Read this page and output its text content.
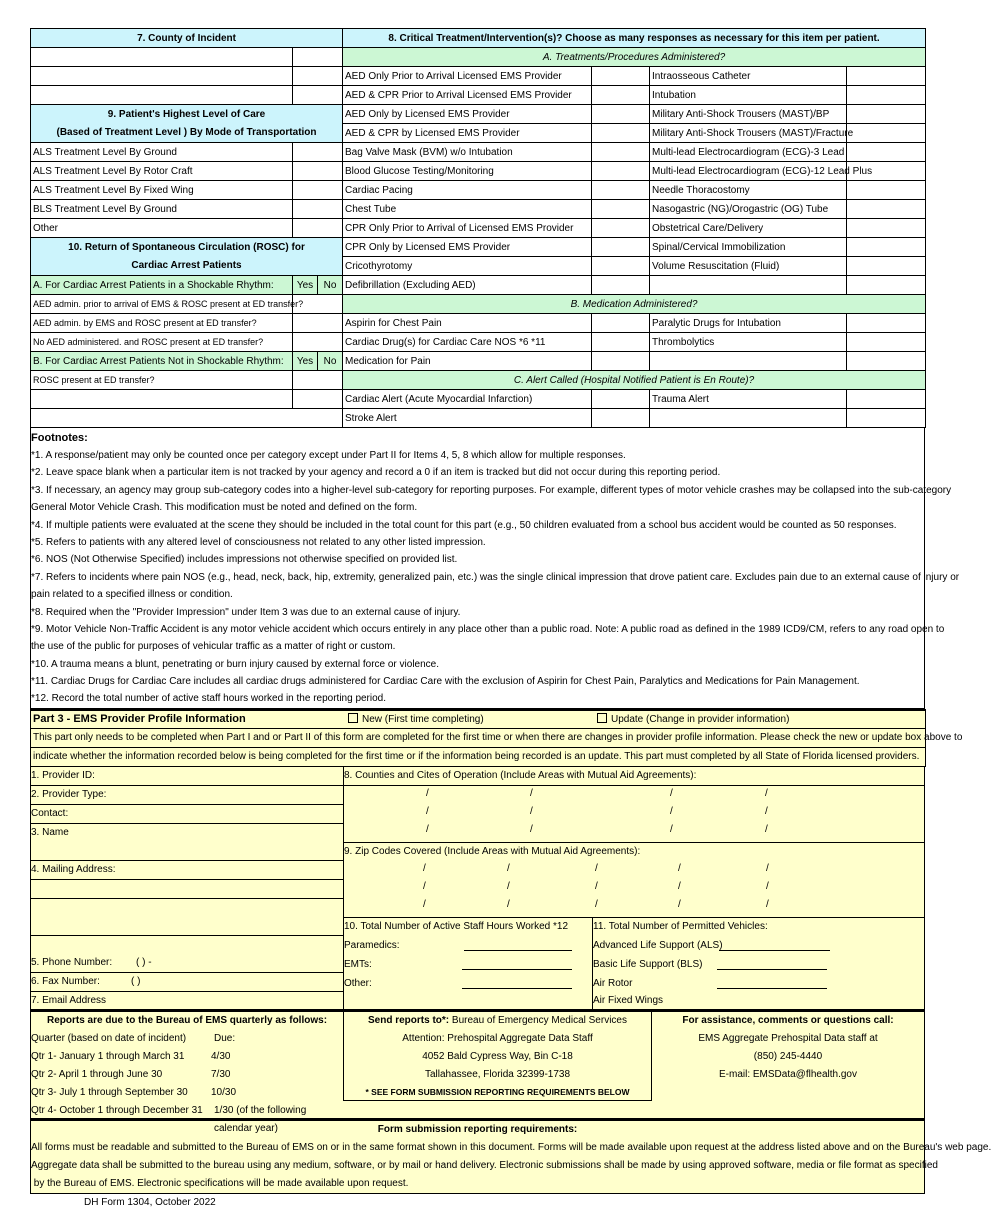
7. County of Incident			8. Critical Treatment/Intervention(s)? Choose as many responses as necessary for this item per patient.			
			A. Treatments/Procedures Administered?			
			AED Only Prior to Arrival Licensed EMS Provider		Intraosseous Catheter	
			AED & CPR Prior to Arrival Licensed EMS Provider		Intubation	
9. Patient's Highest Level of Care			AED Only by Licensed EMS Provider		Military Anti-Shock Trousers (MAST)/BP	
(Based of Treatment Level ) By Mode of Transportation			AED & CPR by Licensed EMS Provider		Military Anti-Shock Trousers (MAST)/Fracture	
ALS Treatment Level By Ground			Bag Valve Mask (BVM) w/o Intubation		Multi-lead Electrocardiogram (ECG)-3 Lead	
ALS Treatment Level By Rotor Craft			Blood Glucose Testing/Monitoring		Multi-lead Electrocardiogram (ECG)-12 Lead Plus	
ALS Treatment Level By Fixed Wing			Cardiac Pacing		Needle Thoracostomy	
BLS Treatment Level By Ground			Chest Tube		Nasogastric (NG)/Orogastric (OG) Tube	
Other			CPR Only Prior to Arrival of Licensed EMS Provider		Obstetrical Care/Delivery	
10. Return of Spontaneous Circulation (ROSC) for			CPR Only by Licensed EMS Provider		Spinal/Cervical Immobilization	
Cardiac Arrest Patients			Cricothyrotomy		Volume Resuscitation (Fluid)	
A. For Cardiac Arrest Patients in a Shockable Rhythm:	Yes	No	Defibrillation (Excluding AED)			
AED admin. prior to arrival of EMS & ROSC present at ED transfer?			B. Medication Administered?			
AED admin. by EMS and ROSC present at ED transfer?			Aspirin for Chest Pain		Paralytic Drugs for Intubation	
No AED administered. and ROSC present at ED transfer?			Cardiac Drug(s) for Cardiac Care NOS *6 *11		Thrombolytics	
B. For Cardiac Arrest Patients Not in Shockable Rhythm:	Yes	No	Medication for Pain			
ROSC present at ED transfer?			C. Alert Called (Hospital Notified Patient is En Route)?			
			Cardiac Alert (Acute Myocardial Infarction)		Trauma Alert	
			Stroke Alert			
Footnotes:
*1. A response/patient may only be counted once per category except under Part II for Items 4, 5, 8 which allow for multiple responses.
*2. Leave space blank when a particular item is not tracked by your agency and record a 0 if an item is tracked but did not occur during this reporting period.
*3. If necessary, an agency may group sub-category codes into a higher-level sub-category for reporting purposes. For example, different types of motor vehicle crashes may be collapsed into the sub-category
General Motor Vehicle Crash. This modification must be noted and defined on the form.
*4. If multiple patients were evaluated at the scene they should be included in the total count for this part (e.g., 50 children evaluated from a school bus accident would be counted as 50 responses.
*5. Refers to patients with any altered level of consciousness not related to any other listed impression.
*6. NOS (Not Otherwise Specified) includes impressions not otherwise specified on provided list.
*7. Refers to incidents where pain NOS (e.g., head, neck, back, hip, extremity, generalized pain, etc.) was the single clinical impression that drove patient care. Excludes pain due to an external cause of injury or
pain related to a specified illness or condition.
*8. Required when the "Provider Impression" under Item 3 was due to an external cause of injury.
*9. Motor Vehicle Non-Traffic Accident is any motor vehicle accident which occurs entirely in any place other than a public road. Note: A public road as defined in the 1989 ICD9/CM, refers to any road open to
the use of the public for purposes of vehicular traffic as a matter of right or custom.
*10. A trauma means a blunt, penetrating or burn injury caused by external force or violence.
*11. Cardiac Drugs for Cardiac Care includes all cardiac drugs administered for Cardiac Care with the exclusion of Aspirin for Chest Pain, Paralytics and Medications for Pain Management.
*12. Record the total number of active staff hours worked in the reporting period.
Part 3 - EMS Provider Profile Information	New (First time completing)	Update (Change in provider information)

This part only needs to be completed when Part I and or Part II of this form are completed for the first time or when there are changes in provider profile information. Please check the new or update box above to
indicate whether the information recorded below is being completed for the first time or if the information being recorded is an update. This part must completed by all State of Florida licensed providers.
1. Provider ID:
2. Provider Type:
Contact:
3. Name
4. Mailing Address:
5. Phone Number: ( ) -
6. Fax Number:	( )
7. Email Address
8. Counties and Cites of Operation (Include Areas with Mutual Aid Agreements):
/	/	/	/
/	/	/	/
/	/	/	/
9. Zip Codes Covered (Include Areas with Mutual Aid Agreements):
/	/	/	/	/
/	/	/	/	/
/	/	/	/	/
10. Total Number of Active Staff Hours Worked *12
Paramedics:
EMTs:
Other:
11. Total Number of Permitted Vehicles:
Advanced Life Support (ALS)
Basic Life Support (BLS)
Air Rotor
Air Fixed Wings
Reports are due to the Bureau of EMS quarterly as follows:
Quarter (based on date of incident)	Due:
Qtr 1- January 1 through March 31	4/30
Qtr 2- April 1 through June 30	7/30
Qtr 3- July 1 through September 30 10/30
Qtr 4- October 1 through December 31 1/30 (of the following calendar year)
Send reports to*: Bureau of Emergency Medical Services
Attention: Prehospital Aggregate Data Staff
4052 Bald Cypress Way, Bin C-18
Tallahassee, Florida 32399-1738
* SEE FORM SUBMISSION REPORTING REQUIREMENTS BELOW
For assistance, comments or questions call:
EMS Aggregate Prehospital Data staff at
(850) 245-4440
E-mail: EMSData@flhealth.gov
Form submission reporting requirements:
All forms must be readable and submitted to the Bureau of EMS on or in the same format shown in this document. Forms will be made available upon request at the address listed above and on the Bureau's web page.
Aggregate data shall be submitted to the bureau using any medium, software, or by mail or hand delivery. Electronic submissions shall be made by using approved software, media or file format as specified
by the Bureau of EMS. Electronic specifications will be made available upon request.
DH Form 1304, October 2022
